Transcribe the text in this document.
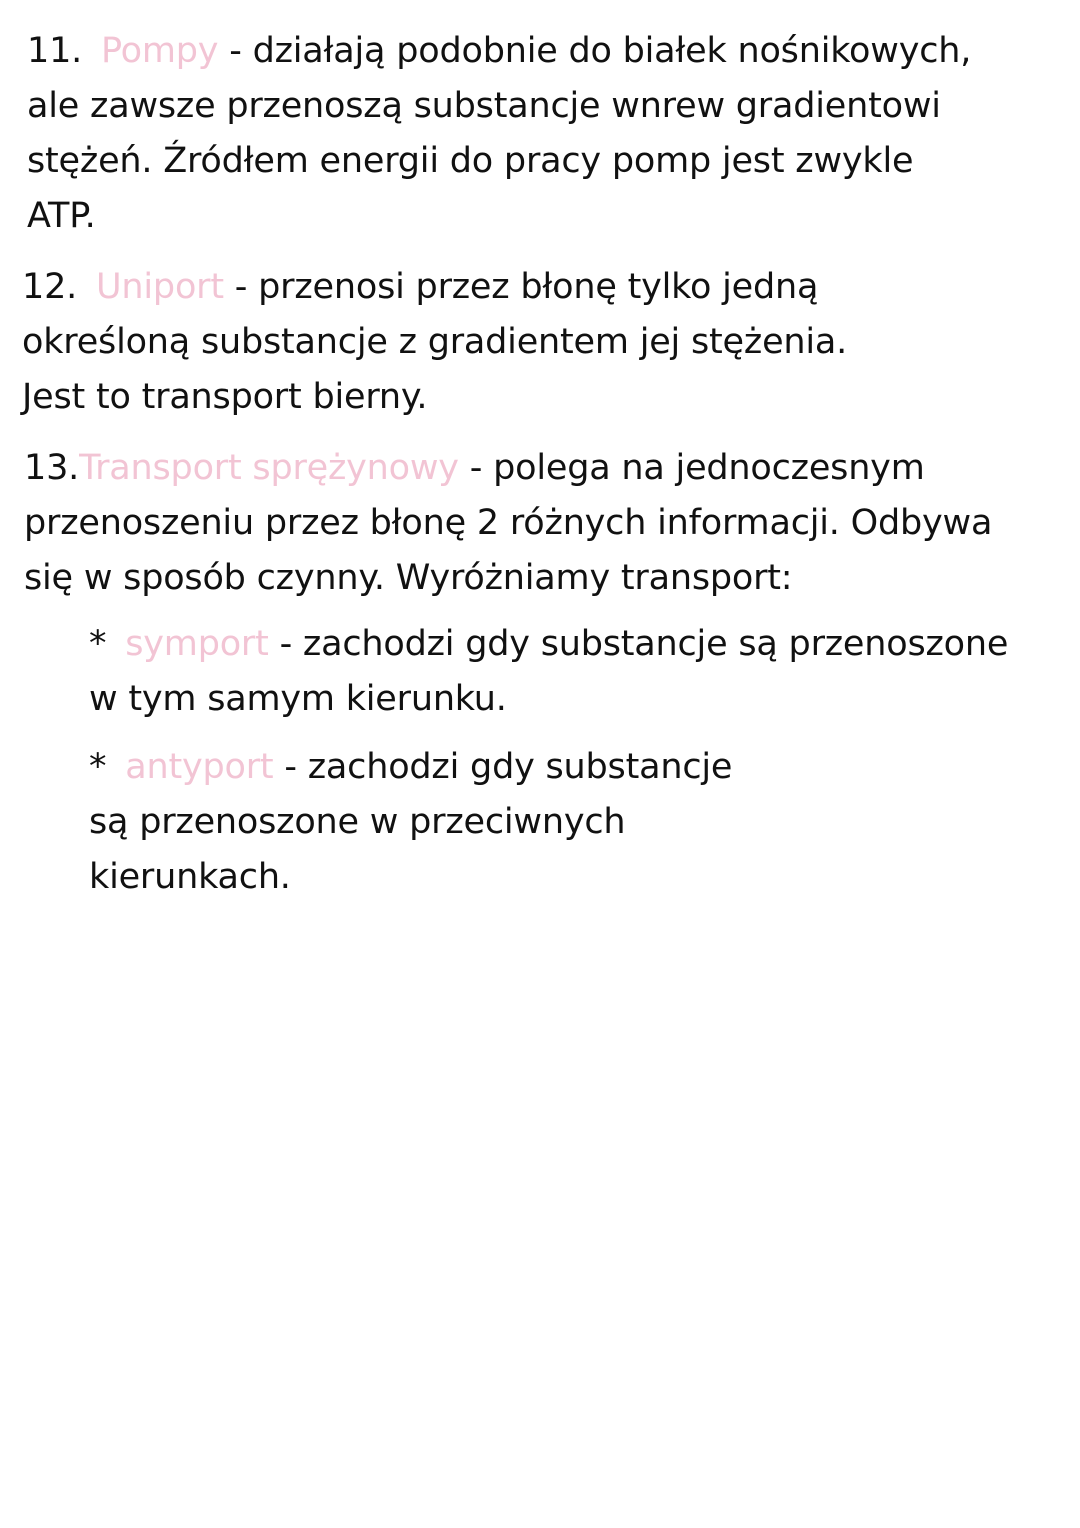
11. Pompy - działają podobnie do białek nośnikowych,
ale zawsze przenoszą substancje wnrew gradientowi
stężeń. Źródłem energii do pracy pomp jest zwykle
ATP.
12. Uniport - przenosi przez błonę tylko jedną
określoną substancje z gradientem jej stężenia.
Jest to transport bierny.
13.Transport sprężynowy - polega na jednoczesnym
przenoszeniu przez błonę 2 różnych informacji. Odbywa
się w sposób czynny. Wyróżniamy transport:
* symport - zachodzi gdy substancje są przenoszone
w tym samym kierunku.
* antyport - zachodzi gdy substancje
są przenoszone w przeciwnych
kierunkach.
